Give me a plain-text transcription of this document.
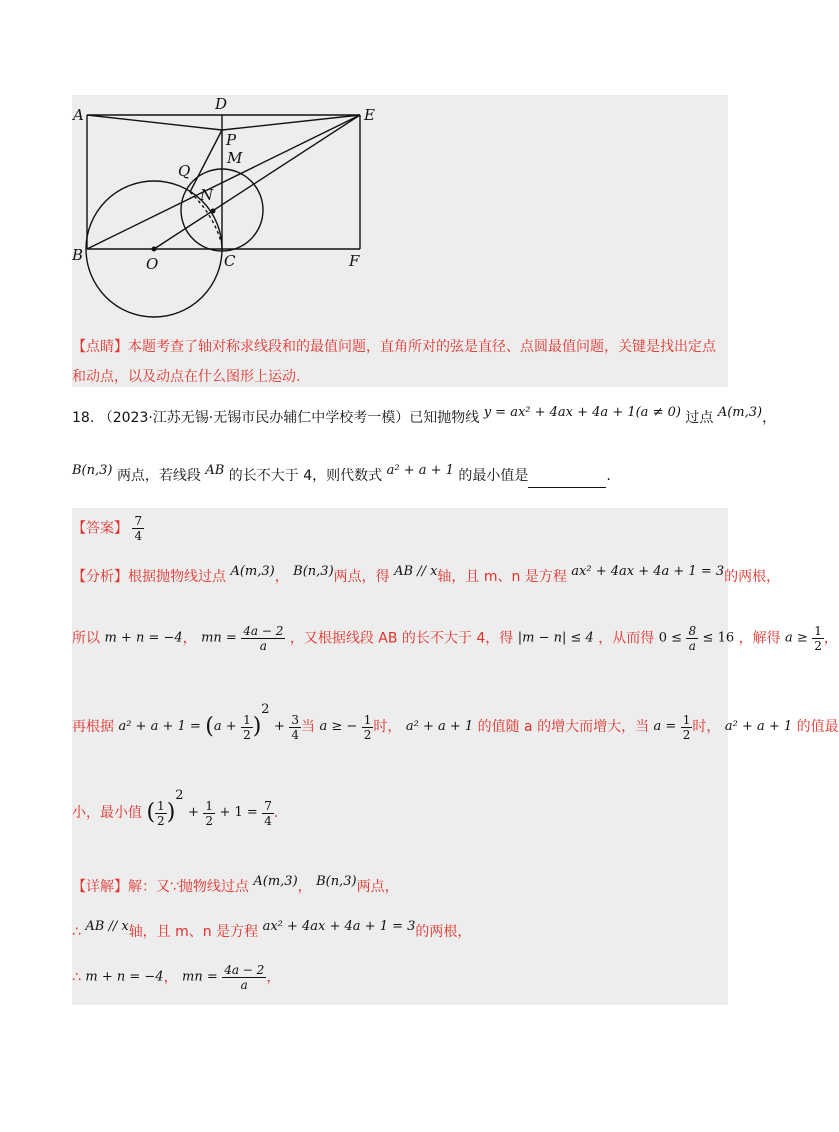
A
D
E
P
M
Q
N
B	O	C	F
【点睛】本题考查了轴对称求线段和的最值问题，直角所对的弦是直径、点圆最值问题，关键是找出定点
和动点，以及动点在什么图形上运动.
18. （2023·江苏无锡·无锡市民办辅仁中学校考一模）已知抛物线 y = ax² + 4ax + 4a + 1(a ≠ 0) 过点 A(m,3)，
B(n,3) 两点，若线段 AB 的长不大于 4，则代数式 a² + a + 1 的最小值是	.
【答案】 $\frac{7}{4}$
【分析】根据抛物线过点 A(m,3)， B(n,3)两点，得 AB // x轴，且 m、n 是方程 ax² + 4ax + 4a + 1 = 3的两根，
所以 m + n = −4， mn = $\frac{4a - 2}{a}$ ，又根据线段 AB 的长不大于 4，得 |m − n| ≤ 4 ，从而得 $0 \le \frac{8}{a} \le 16$ ，解得 $a \ge \frac{1}{2}$ ，
再根据 $a^2 + a + 1 = (a + \frac{1}{2} )^2 + \frac{3}{4}$ 当 a ≥ − $\frac{1}{2}$ 时， a² + a + 1 的值随 a 的增大而增大，当 $a = \frac{1}{2}$ 时， a² + a + 1 的值最
小，最小值 ( $\frac{1}{2} )^2 + \frac{1}{2} + 1 = \frac{7}{4}$ .
【详解】解：又∵抛物线过点 A(m,3)， B(n,3)两点，
∴ AB // x轴，且 m、n 是方程 ax² + 4ax + 4a + 1 = 3的两根，
∴ m + n = −4， mn = $\frac{4a - 2}{a}$ ，
